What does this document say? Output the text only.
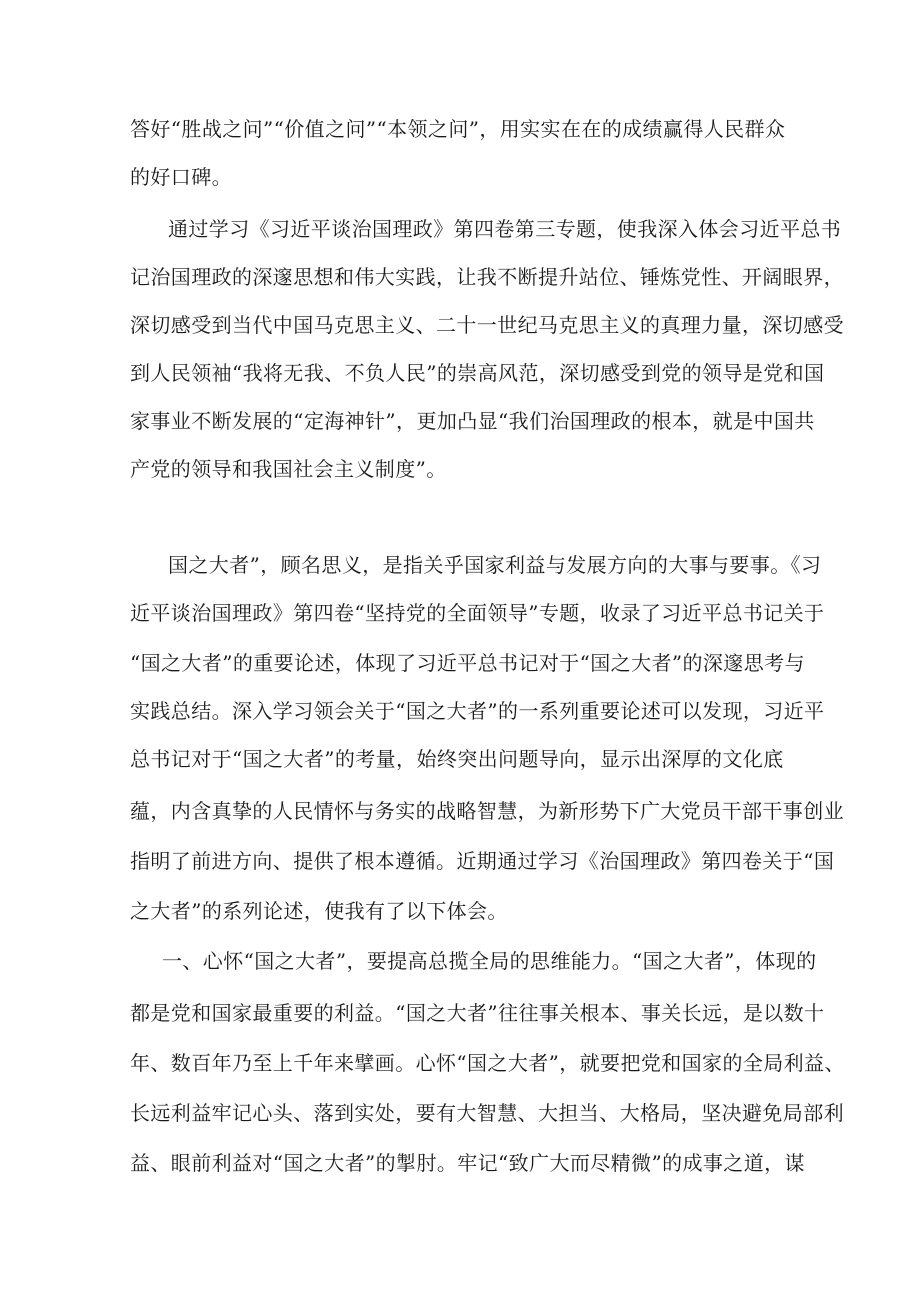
答好“胜战之问”“价值之问”“本领之问”，用实实在在的成绩赢得人民群众

的好口碑。

通过学习《习近平谈治国理政》第四卷第三专题，使我深入体会习近平总书

记治国理政的深邃思想和伟大实践，让我不断提升站位、锤炼党性、开阔眼界，

深切感受到当代中国马克思主义、二十一世纪马克思主义的真理力量，深切感受

到人民领袖“我将无我、不负人民”的崇高风范，深切感受到党的领导是党和国

家事业不断发展的“定海神针”，更加凸显“我们治国理政的根本，就是中国共

产党的领导和我国社会主义制度”。

国之大者”，顾名思义，是指关乎国家利益与发展方向的大事与要事。《习

近平谈治国理政》第四卷“坚持党的全面领导”专题，收录了习近平总书记关于

“国之大者”的重要论述，体现了习近平总书记对于“国之大者”的深邃思考与

实践总结。深入学习领会关于“国之大者”的一系列重要论述可以发现，习近平

总书记对于“国之大者”的考量，始终突出问题导向，显示出深厚的文化底

蕴，内含真挚的人民情怀与务实的战略智慧，为新形势下广大党员干部干事创业

指明了前进方向、提供了根本遵循。近期通过学习《治国理政》第四卷关于“国

之大者”的系列论述，使我有了以下体会。

一、心怀“国之大者”，要提高总揽全局的思维能力。“国之大者”，体现的

都是党和国家最重要的利益。“国之大者”往往事关根本、事关长远，是以数十

年、数百年乃至上千年来擘画。心怀“国之大者”，就要把党和国家的全局利益、

长远利益牢记心头、落到实处，要有大智慧、大担当、大格局，坚决避免局部利

益、眼前利益对“国之大者”的掣肘。牢记“致广大而尽精微”的成事之道，谋
